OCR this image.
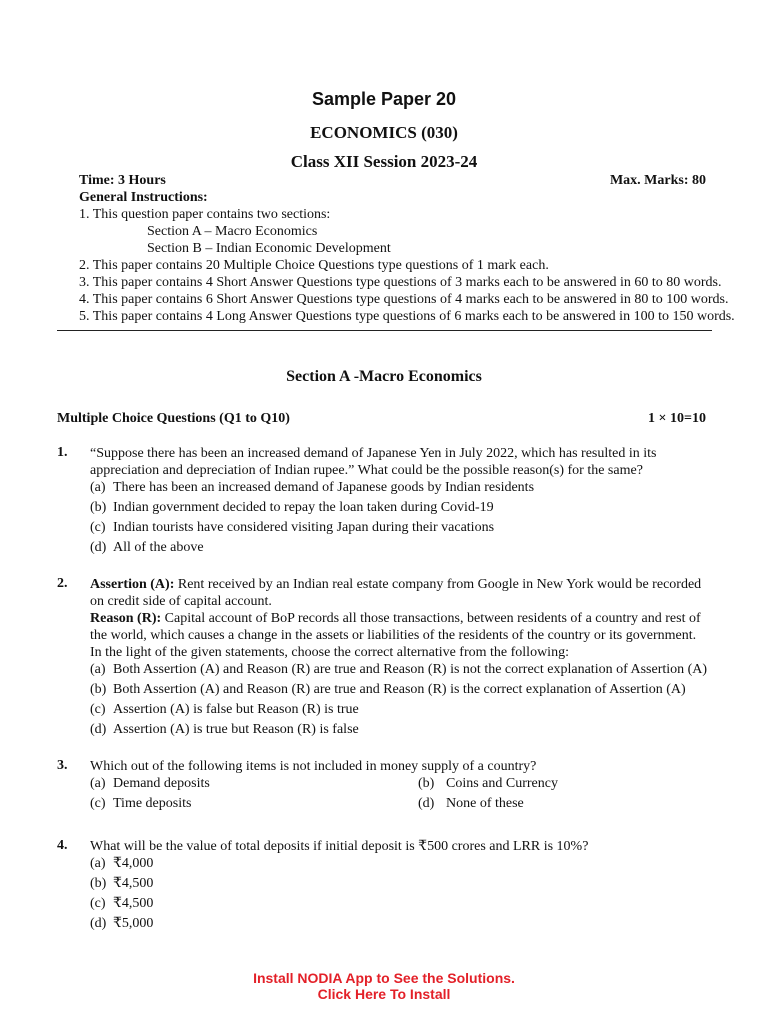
Sample Paper 20
ECONOMICS (030)
Class XII Session 2023-24
Time: 3 Hours	Max. Marks: 80
General Instructions:
1. This question paper contains two sections:
Section A – Macro Economics
Section B – Indian Economic Development
2. This paper contains 20 Multiple Choice Questions type questions of 1 mark each.
3. This paper contains 4 Short Answer Questions type questions of 3 marks each to be answered in 60 to 80 words.
4. This paper contains 6 Short Answer Questions type questions of 4 marks each to be answered in 80 to 100 words.
5. This paper contains 4 Long Answer Questions type questions of 6 marks each to be answered in 100 to 150 words.
Section A -Macro Economics
Multiple Choice Questions (Q1 to Q10)	1 × 10=10
1. “Suppose there has been an increased demand of Japanese Yen in July 2022, which has resulted in its appreciation and depreciation of Indian rupee.” What could be the possible reason(s) for the same?
(a) There has been an increased demand of Japanese goods by Indian residents
(b) Indian government decided to repay the loan taken during Covid-19
(c) Indian tourists have considered visiting Japan during their vacations
(d) All of the above
2. Assertion (A): Rent received by an Indian real estate company from Google in New York would be recorded on credit side of capital account.
Reason (R): Capital account of BoP records all those transactions, between residents of a country and rest of the world, which causes a change in the assets or liabilities of the residents of the country or its government.
In the light of the given statements, choose the correct alternative from the following:
(a) Both Assertion (A) and Reason (R) are true and Reason (R) is not the correct explanation of Assertion (A)
(b) Both Assertion (A) and Reason (R) are true and Reason (R) is the correct explanation of Assertion (A)
(c) Assertion (A) is false but Reason (R) is true
(d) Assertion (A) is true but Reason (R) is false
3. Which out of the following items is not included in money supply of a country?
(a) Demand deposits	(b) Coins and Currency
(c) Time deposits	(d) None of these
4. What will be the value of total deposits if initial deposit is ₹500 crores and LRR is 10%?
(a) ₹4,000
(b) ₹4,500
(c) ₹4,500
(d) ₹5,000
Install NODIA App to See the Solutions.
Click Here To Install
